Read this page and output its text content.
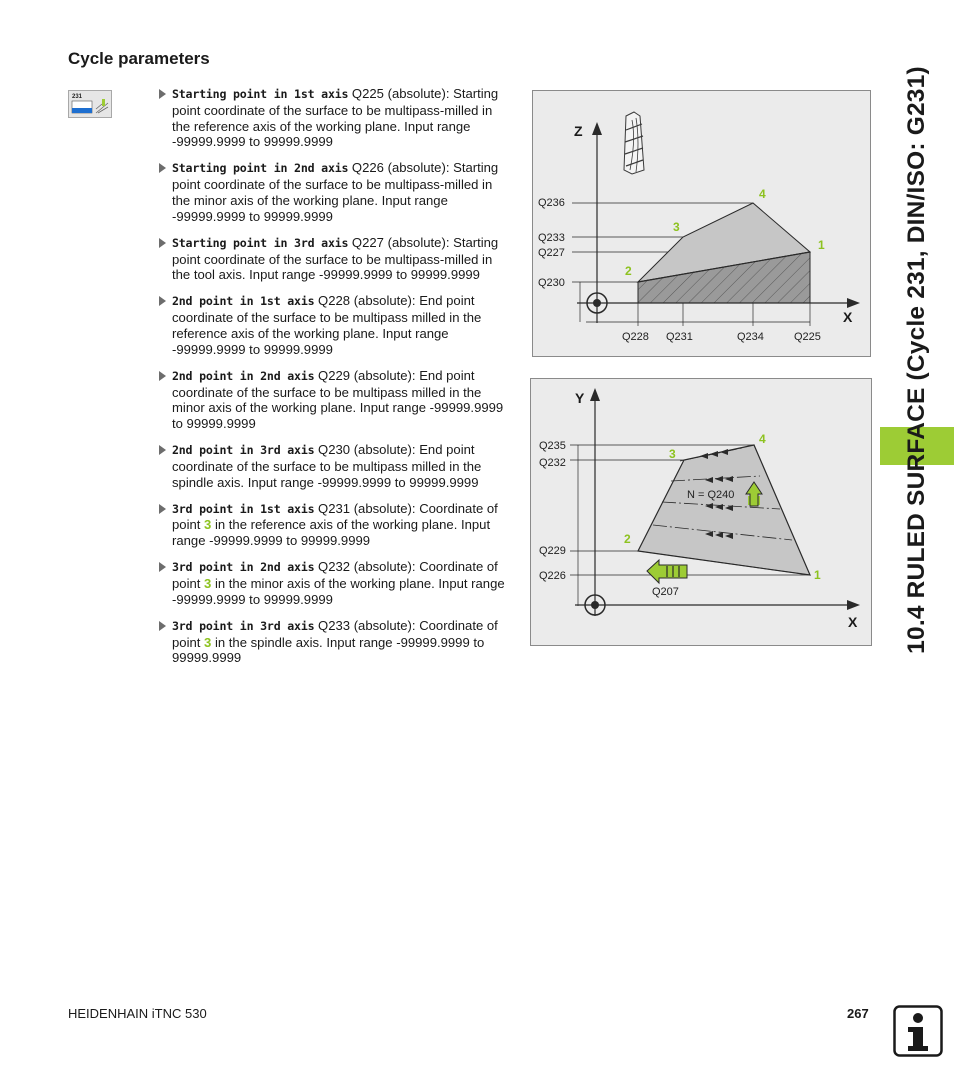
Cycle parameters
231	Starting point in 1st axis Q225 (absolute): Starting point coordinate of the surface to be multipass-milled in the reference axis of the working plane. Input range -99999.9999 to 99999.9999
Starting point in 2nd axis Q226 (absolute): Starting point coordinate of the surface to be multipass-milled in the minor axis of the working plane. Input range -99999.9999 to 99999.9999
Starting point in 3rd axis Q227 (absolute): Starting point coordinate of the surface to be multipass-milled in the tool axis. Input range -99999.9999 to 99999.9999
2nd point in 1st axis Q228 (absolute): End point coordinate of the surface to be multipass milled in the reference axis of the working plane. Input range -99999.9999 to 99999.9999
2nd point in 2nd axis Q229 (absolute): End point coordinate of the surface to be multipass milled in the minor axis of the working plane. Input range -99999.9999 to 99999.9999
2nd point in 3rd axis Q230 (absolute): End point coordinate of the surface to be multipass milled in the spindle axis. Input range -99999.9999 to 99999.9999
3rd point in 1st axis Q231 (absolute): Coordinate of point 3 in the reference axis of the working plane. Input range -99999.9999 to 99999.9999
3rd point in 2nd axis Q232 (absolute): Coordinate of point 3 in the minor axis of the working plane. Input range -99999.9999 to 99999.9999
3rd point in 3rd axis Q233 (absolute): Coordinate of point 3 in the spindle axis. Input range -99999.9999 to 99999.9999
Z
X
Q236
Q233
Q227
Q230
Q228 Q231	Q234	Q225
1
2
3
4
Y
X
Q235
Q232
Q229
Q226
N = Q240
Q207
1
2
3
4	10.4 RULED SURFACE (Cycle 231, DIN/ISO: G231)
HEIDENHAIN iTNC 530	267
